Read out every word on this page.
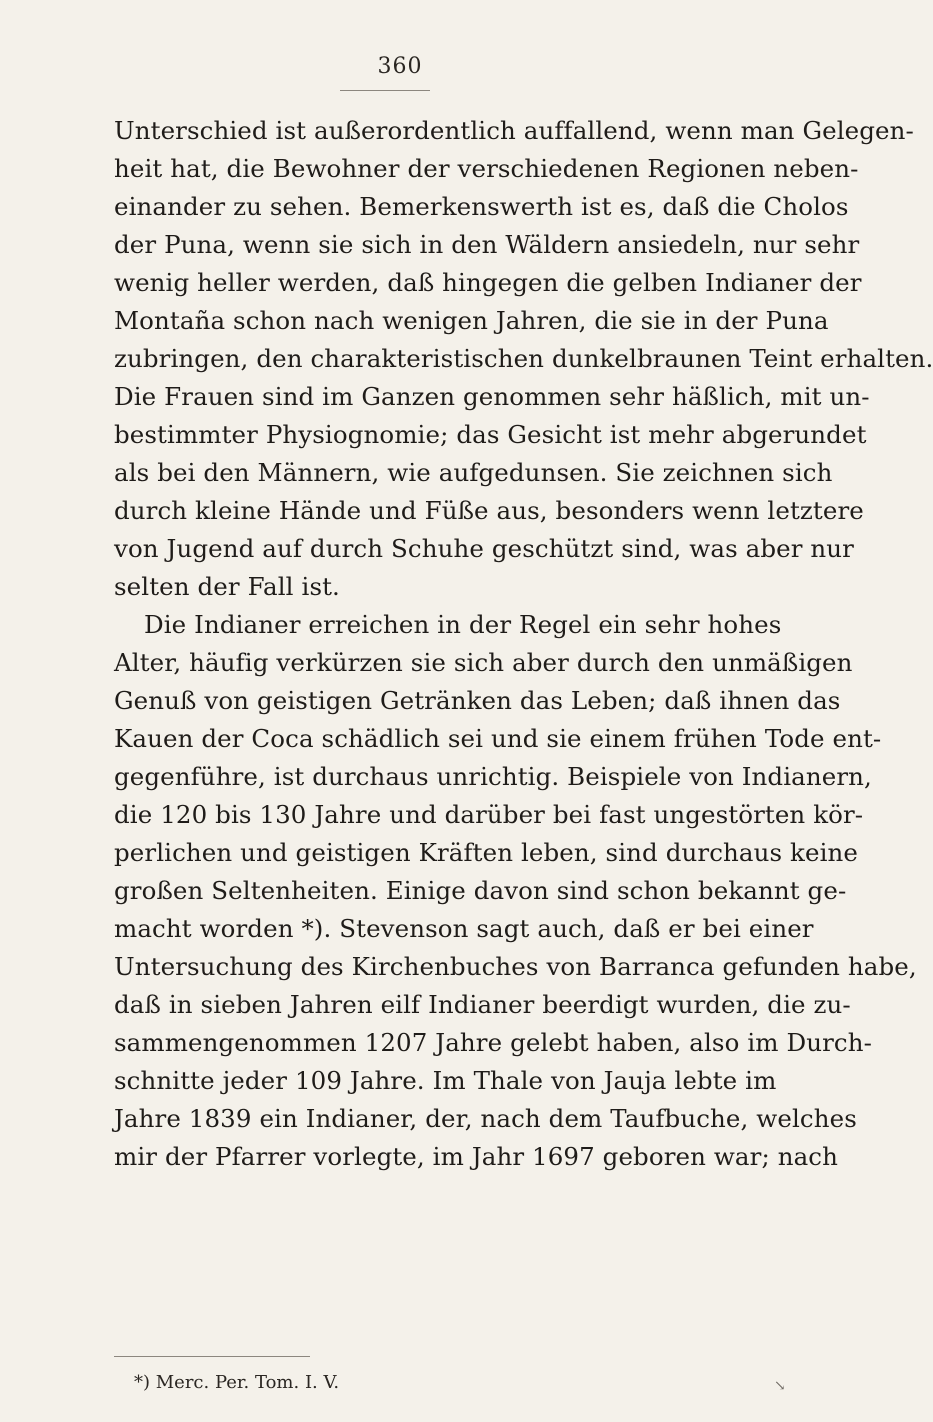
360
Unterschied ist außerordentlich auffallend, wenn man Gelegen-
heit hat, die Bewohner der verschiedenen Regionen neben-
einander zu sehen. Bemerkenswerth ist es, daß die Cholos
der Puna, wenn sie sich in den Wäldern ansiedeln, nur sehr
wenig heller werden, daß hingegen die gelben Indianer der
Montaña schon nach wenigen Jahren, die sie in der Puna
zubringen, den charakteristischen dunkelbraunen Teint erhalten.
Die Frauen sind im Ganzen genommen sehr häßlich, mit un-
bestimmter Physiognomie; das Gesicht ist mehr abgerundet
als bei den Männern, wie aufgedunsen. Sie zeichnen sich
durch kleine Hände und Füße aus, besonders wenn letztere
von Jugend auf durch Schuhe geschützt sind, was aber nur
selten der Fall ist.
Die Indianer erreichen in der Regel ein sehr hohes
Alter, häufig verkürzen sie sich aber durch den unmäßigen
Genuß von geistigen Getränken das Leben; daß ihnen das
Kauen der Coca schädlich sei und sie einem frühen Tode ent-
gegenführe, ist durchaus unrichtig. Beispiele von Indianern,
die 120 bis 130 Jahre und darüber bei fast ungestörten kör-
perlichen und geistigen Kräften leben, sind durchaus keine
großen Seltenheiten. Einige davon sind schon bekannt ge-
macht worden *). Stevenson sagt auch, daß er bei einer
Untersuchung des Kirchenbuches von Barranca gefunden habe,
daß in sieben Jahren eilf Indianer beerdigt wurden, die zu-
sammengenommen 1207 Jahre gelebt haben, also im Durch-
schnitte jeder 109 Jahre. Im Thale von Jauja lebte im
Jahre 1839 ein Indianer, der, nach dem Taufbuche, welches
mir der Pfarrer vorlegte, im Jahr 1697 geboren war; nach
*) Merc. Per. Tom. I. V.	↘
